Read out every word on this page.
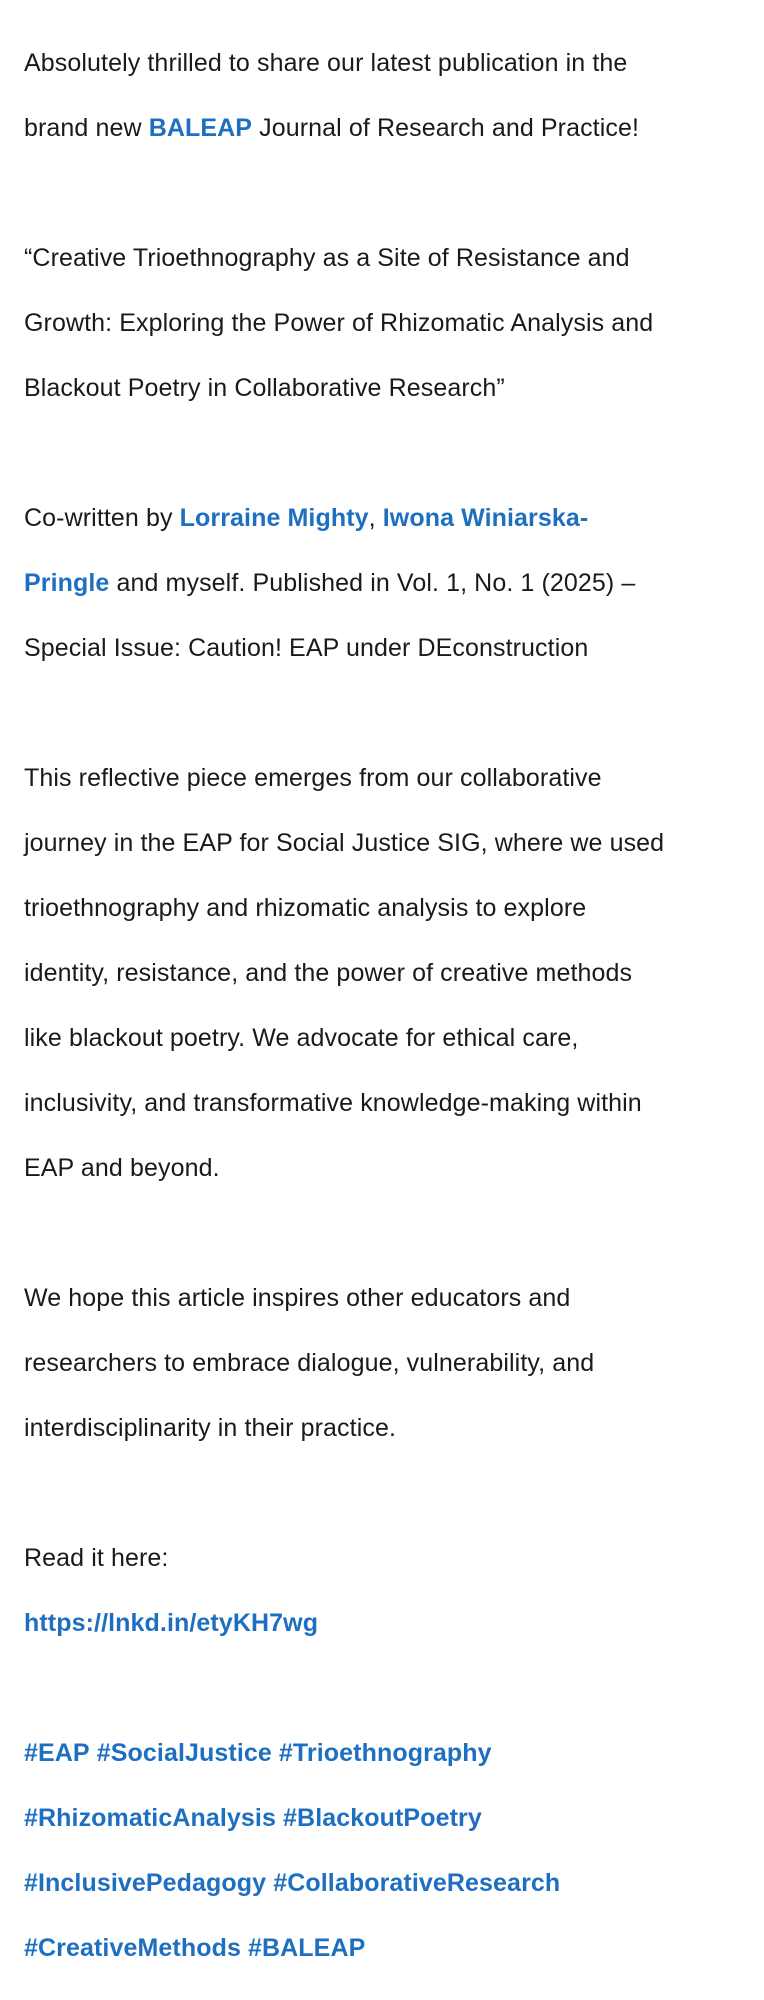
Absolutely thrilled to share our latest publication in the

brand new BALEAP Journal of Research and Practice!

“Creative Trioethnography as a Site of Resistance and

Growth: Exploring the Power of Rhizomatic Analysis and

Blackout Poetry in Collaborative Research”

Co-written by Lorraine Mighty, Iwona Winiarska-

Pringle and myself. Published in Vol. 1, No. 1 (2025) –

Special Issue: Caution! EAP under DEconstruction

This reflective piece emerges from our collaborative

journey in the EAP for Social Justice SIG, where we used

trioethnography and rhizomatic analysis to explore

identity, resistance, and the power of creative methods

like blackout poetry. We advocate for ethical care,

inclusivity, and transformative knowledge-making within

EAP and beyond.

We hope this article inspires other educators and

researchers to embrace dialogue, vulnerability, and

interdisciplinarity in their practice.

Read it here:

https://lnkd.in/etyKH7wg

#EAP #SocialJustice #Trioethnography

#RhizomaticAnalysis #BlackoutPoetry

#InclusivePedagogy #CollaborativeResearch

#CreativeMethods #BALEAP
